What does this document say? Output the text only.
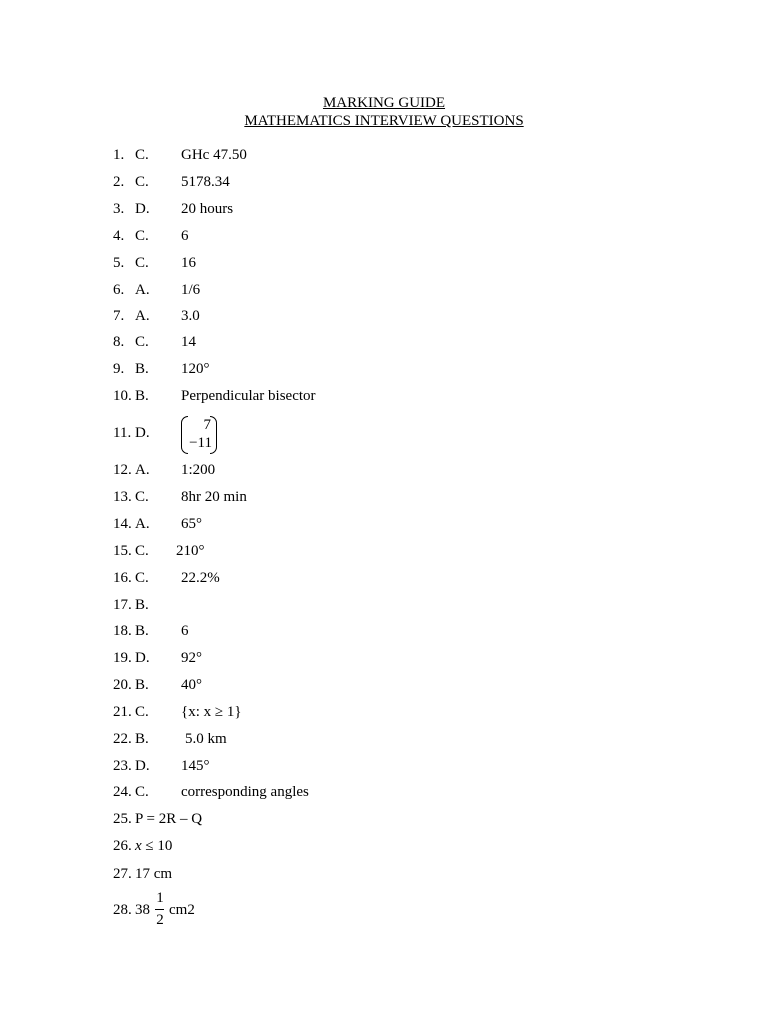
MARKING GUIDE
MATHEMATICS INTERVIEW QUESTIONS
1. C. GHc 47.50
2. C. 5178.34
3. D. 20 hours
4. C. 6
5. C. 16
6. A. 1/6
7. A. 3.0
8. C. 14
9. B. 120°
10. B. Perpendicular bisector
11. D.	7
−11
12. A. 1:200
13. C. 8hr 20 min
14. A. 65°
15. C. 210°
16. C. 22.2%
17. B.
18. B. 6
19. D. 92°
20. B. 40°
21. C. {x: x ≥ 1}
22. B. 5.0 km
23. D. 145°
24. C. corresponding angles
25. P = 2R – Q
26. x ≤ 10
27. 17 cm
28. 38
1
2
cm2
